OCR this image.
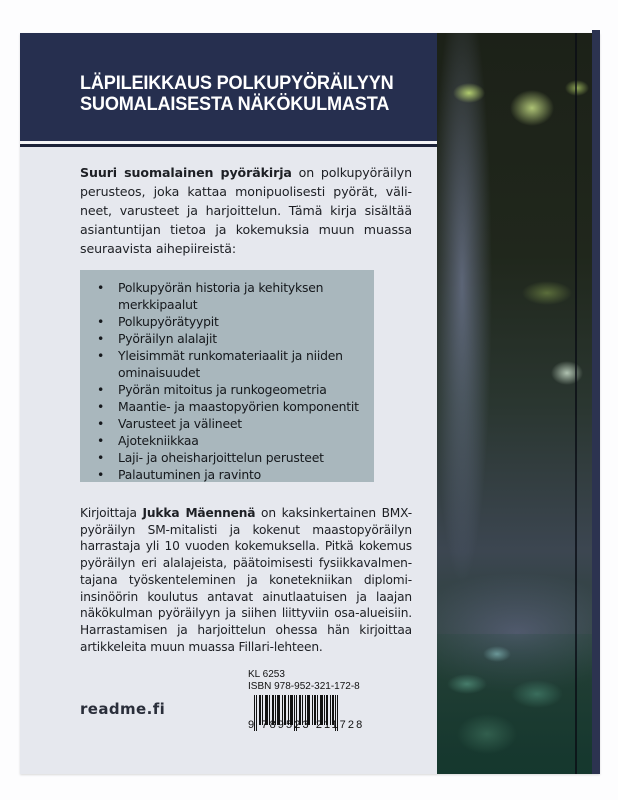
LÄPILEIKKAUS POLKUPYÖRÄILYYN
SUOMALAISESTA NÄKÖKULMASTA

Suuri suomalainen pyöräkirja on polkupyöräilyn perusteos, joka kattaa monipuolisesti pyörät, väli- neet, varusteet ja harjoittelun. Tämä kirja sisältää asiantuntijan tietoa ja kokemuksia muun muassa seuraavista aihepiireistä:

• Polkupyörän historia ja kehityksen merkkipaalut
• Polkupyörätyypit
• Pyöräilyn alalajit
• Yleisimmät runkomateriaalit ja niiden ominaisuudet
• Pyörän mitoitus ja runkogeometria
• Maantie- ja maastopyörien komponentit
• Varusteet ja välineet
• Ajotekniikkaa
• Laji- ja oheisharjoittelun perusteet
• Palautuminen ja ravinto

Kirjoittaja Jukka Mäennenä on kaksinkertainen BMX-pyöräilyn SM-mitalisti ja kokenut maastopyöräilyn harrastaja yli 10 vuoden kokemuksella. Pitkä kokemus pyöräilyn eri alalajeista, päätoimisesti fysiikkavalmen- tajana työskenteleminen ja konetekniikan diplomi- insinöörin koulutus antavat ainutlaatuisen ja laajan näkökulman pyöräilyyn ja siihen liittyviin osa-alueisiin. Harrastamisen ja harjoittelun ohessa hän kirjoittaa artikkeleita muun muassa Fillari-lehteen.

readme.fi
KL 6253
ISBN 978-952-321-172-8
9 789523 211728
